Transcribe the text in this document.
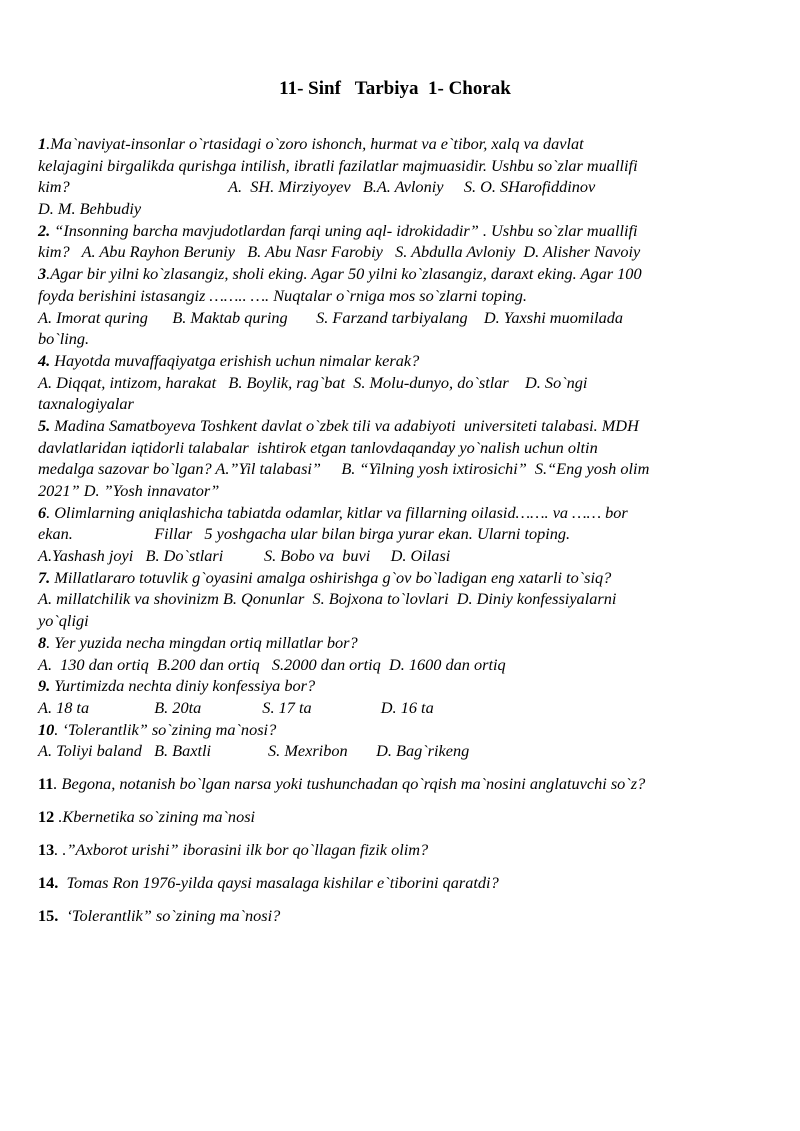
11- Sinf   Tarbiya  1- Chorak
1.Ma`naviyat-insonlar o`rtasidagi o`zoro ishonch, hurmat va e`tibor, xalq va davlat
kelajagini birgalikda qurishga intilish, ibratli fazilatlar majmuasidir. Ushbu so`zlar muallifi
kim?                                       A.  SH. Mirziyoyev   B.A. Avloniy     S. O. SHarofiddinov
D. M. Behbudiy
2. “Insonning barcha mavjudotlardan farqi uning aql- idrokidadir” . Ushbu so`zlar muallifi
kim?   A. Abu Rayhon Beruniy   B. Abu Nasr Farobiy   S. Abdulla Avloniy  D. Alisher Navoiy
3.Agar bir yilni ko`zlasangiz, sholi eking. Agar 50 yilni ko`zlasangiz, daraxt eking. Agar 100
foyda berishini istasangiz …….. …. Nuqtalar o`rniga mos so`zlarni toping.
A. Imorat quring      B. Maktab quring       S. Farzand tarbiyalang    D. Yaxshi muomilada
bo`ling.
4. Hayotda muvaffaqiyatga erishish uchun nimalar kerak?
A. Diqqat, intizom, harakat   B. Boylik, rag`bat  S. Molu-dunyo, do`stlar    D. So`ngi
taxnalogiyalar
5. Madina Samatboyeva Toshkent davlat o`zbek tili va adabiyoti  universiteti talabasi. MDH
davlatlaridan iqtidorli talabalar  ishtirok etgan tanlovdaqanday yo`nalish uchun oltin
medalga sazovar bo`lgan? A.”Yil talabasi”     B. “Yilning yosh ixtirosichi”  S.“Eng yosh olim
2021” D. ”Yosh innavator”
6. Olimlarning aniqlashicha tabiatda odamlar, kitlar va fillarning oilasid……. va …… bor
ekan.                    Fillar   5 yoshgacha ular bilan birga yurar ekan. Ularni toping.
A.Yashash joyi   B. Do`stlari          S. Bobo va  buvi     D. Oilasi
7. Millatlararo totuvlik g`oyasini amalga oshirishga g`ov bo`ladigan eng xatarli to`siq?
A. millatchilik va shovinizm B. Qonunlar  S. Bojxona to`lovlari  D. Diniy konfessiyalarni
yo`qligi
8. Yer yuzida necha mingdan ortiq millatlar bor?
A.  130 dan ortiq  B.200 dan ortiq   S.2000 dan ortiq  D. 1600 dan ortiq
9. Yurtimizda nechta diniy konfessiya bor?
A. 18 ta                B. 20ta               S. 17 ta                 D. 16 ta
10. ‘Tolerantlik” so`zining ma`nosi?
A. Toliyi baland   B. Baxtli              S. Mexribon       D. Bag`rikeng
11. Begona, notanish bo`lgan narsa yoki tushunchadan qo`rqish ma`nosini anglatuvchi so`z?
12 .Kbernetika so`zining ma`nosi
13. .”Axborot urishi” iborasini ilk bor qo`llagan fizik olim?
14.  Tomas Ron 1976-yilda qaysi masalaga kishilar e`tiborini qaratdi?
15.  ‘Tolerantlik” so`zining ma`nosi?
